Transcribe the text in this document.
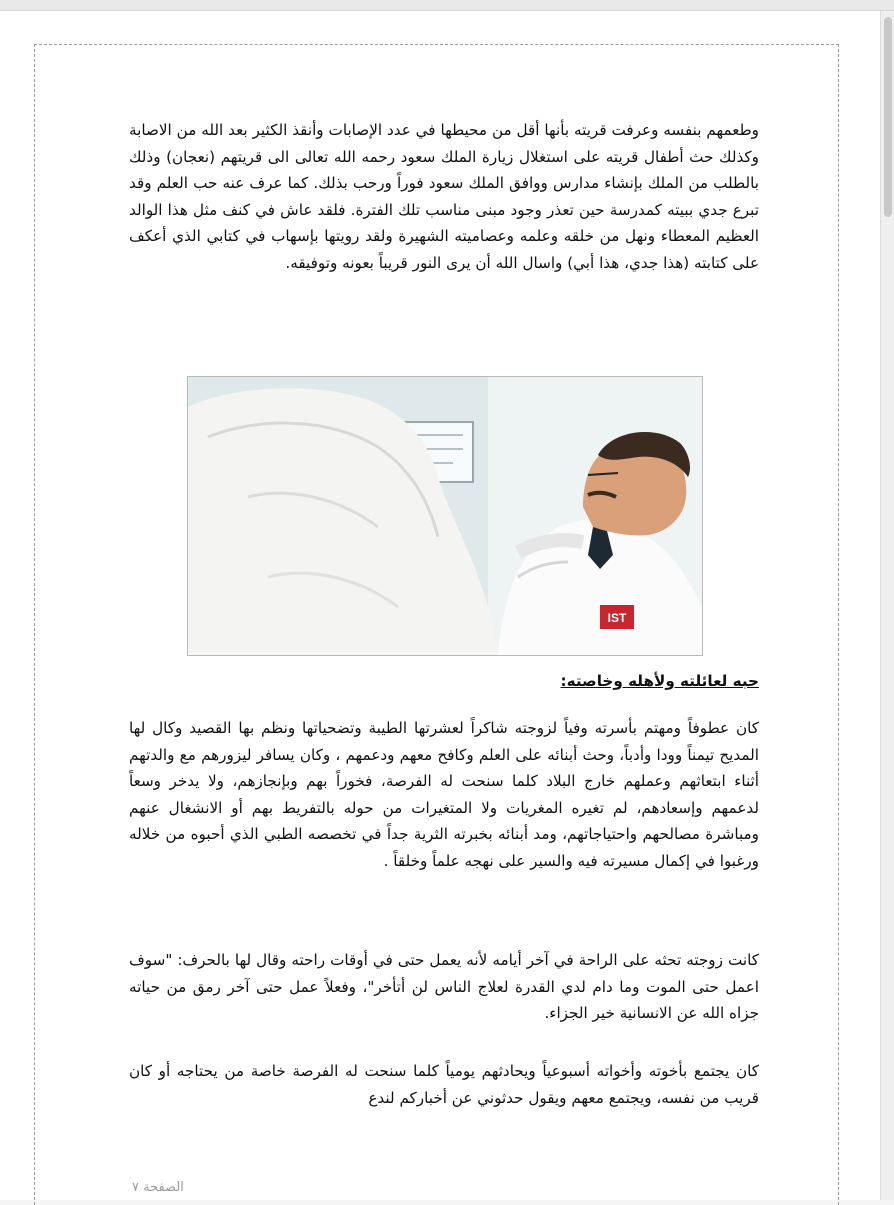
وطعمهم بنفسه وعرفت قريته بأنها أقل من محيطها في عدد الإصابات وأنقذ الكثير بعد الله من الاصابة وكذلك حث أطفال قريته على استغلال زيارة الملك سعود رحمه الله تعالى الى قريتهم (نعجان) وذلك بالطلب من الملك بإنشاء مدارس ووافق الملك سعود فوراً ورحب بذلك. كما عرف عنه حب العلم وقد تبرع جدي ببيته كمدرسة حين تعذر وجود مبنى مناسب تلك الفترة. فلقد عاش في كنف مثل هذا الوالد العظيم المعطاء ونهل من خلقه وعلمه وعصاميته الشهيرة ولقد رويتها بإسهاب في كتابي الذي أعكف على كتابته (هذا جدي، هذا أبي) واسال الله أن يرى النور قريباً بعونه وتوفيقه.

IST

حبه لعائلته ولأهله وخاصته:

كان عطوفاً ومهتم بأسرته وفياً لزوجته شاكراً لعشرتها الطيبة وتضحياتها ونظم بها القصيد وكال لها المديح تيمناً وودا وأدباً، وحث أبنائه على العلم وكافح معهم ودعمهم ، وكان يسافر ليزورهم مع والدتهم أثناء ابتعاثهم وعملهم خارج البلاد كلما سنحت له الفرصة، فخوراً بهم وبإنجازهم، ولا يدخر وسعاً لدعمهم وإسعادهم، لم تغيره المغريات ولا المتغيرات من حوله بالتفريط بهم أو الانشغال عنهم ومباشرة مصالحهم واحتياجاتهم، ومد أبنائه بخبرته الثرية جداً في تخصصه الطبي الذي أحبوه من خلاله ورغبوا في إكمال مسيرته فيه والسير على نهجه علماً وخلقاً .

كانت زوجته تحثه على الراحة في آخر أيامه لأنه يعمل حتى في أوقات راحته وقال لها بالحرف: "سوف اعمل حتى الموت وما دام لدي القدرة لعلاج الناس لن أتأخر"، وفعلاً عمل حتى آخر رمق من حياته جزاه الله عن الانسانية خير الجزاء.

كان يجتمع بأخوته وأخواته أسبوعياً ويحادثهم يومياً كلما سنحت له الفرصة خاصة من يحتاجه أو كان قريب من نفسه، ويجتمع معهم ويقول حدثوني عن أخباركم لندع

الصفحة ٧
